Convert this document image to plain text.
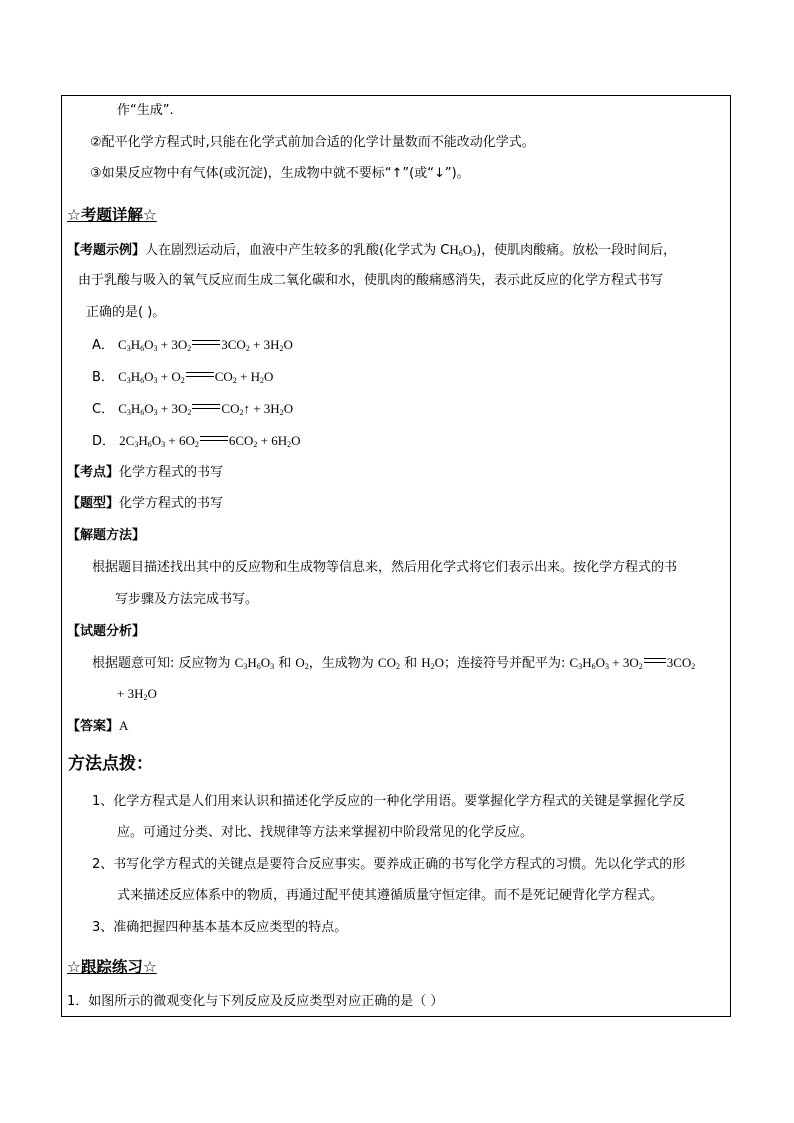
作“生成”.
②配平化学方程式时,只能在化学式前加合适的化学计量数而不能改动化学式。
③如果反应物中有气体(或沉淀)，生成物中就不要标“↑”(或“↓”)。
☆考题详解☆
【考题示例】人在剧烈运动后，血液中产生较多的乳酸(化学式为 $CH_6O_3$)，使肌肉酸痛。放松一段时间后，
由于乳酸与吸入的氧气反应而生成二氧化碳和水，使肌肉的酸痛感消失，表示此反应的化学方程式书写
正确的是( )。
A． $C_3H_6O_3 + 3O_2$ $3CO_2 + 3H_2O$
B． $C_3H_6O_3 + O_2$ $CO_2 + H_2O$
C． $C_3H_6O_3 + 3O_2$ $CO_2↑ + 3H_2O$
D． $2C_3H_6O_3 + 6O_2$ $6CO_2 + 6H_2O$
【考点】化学方程式的书写
【题型】化学方程式的书写
【解题方法】
根据题目描述找出其中的反应物和生成物等信息来，然后用化学式将它们表示出来。按化学方程式的书
写步骤及方法完成书写。
【试题分析】
根据题意可知: 反应物为 $C_3H_6O_3$ 和 $O_2$，生成物为 $CO_2$ 和 $H_2O$；连接符号并配平为: $C_3H_6O_3 + 3O_2$ $3CO_2$
+ $3H_2O$
【答案】A
方法点拨：
1、化学方程式是人们用来认识和描述化学反应的一种化学用语。要掌握化学方程式的关键是掌握化学反
应。可通过分类、对比、找规律等方法来掌握初中阶段常见的化学反应。
2、书写化学方程式的关键点是要符合反应事实。要养成正确的书写化学方程式的习惯。先以化学式的形
式来描述反应体系中的物质，再通过配平使其遵循质量守恒定律。而不是死记硬背化学方程式。
3、准确把握四种基本基本反应类型的特点。
☆跟踪练习☆
1．如图所示的微观变化与下列反应及反应类型对应正确的是（ ）
